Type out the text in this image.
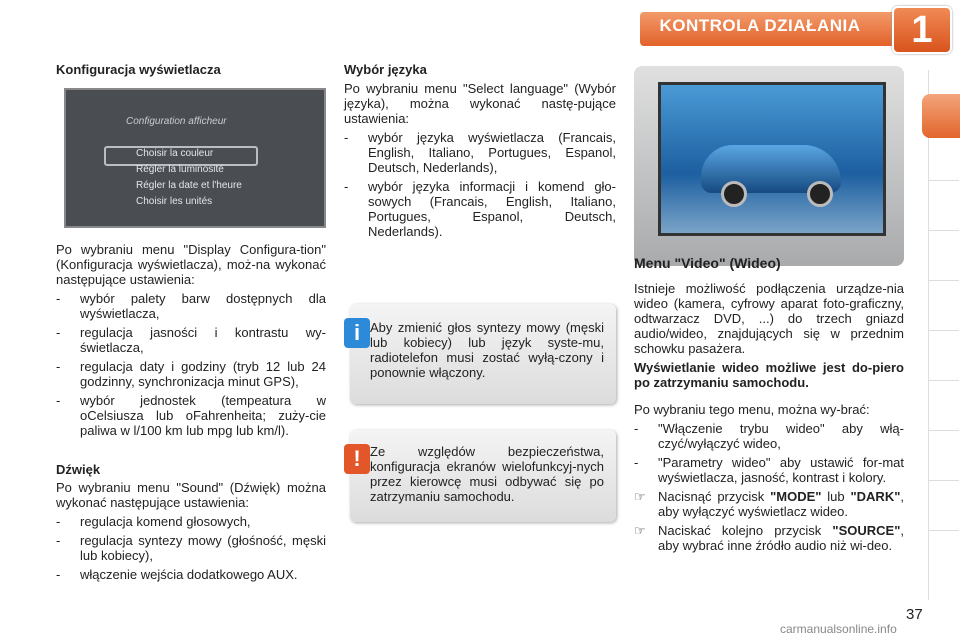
KONTROLA DZIAŁANIA	1
Konfiguracja wyświetlacza
Configuration afficheur
Choisir la couleur
Régler la luminosité
Régler la date et l'heure
Choisir les unités

Po wybraniu menu "Display Configura-tion" (Konfiguracja wyświetlacza), moż-na wykonać następujące ustawienia:

- wybór palety barw dostępnych dla wyświetlacza,
- regulacja jasności i kontrastu wy-świetlacza,
- regulacja daty i godziny (tryb 12 lub 24 godzinny, synchronizacja minut GPS),
- wybór jednostek (tempeatura w oCelsiusza lub oFahrenheita; zuży-cie paliwa w l/100 km lub mpg lub km/l).
Dźwięk

Po wybraniu menu "Sound" (Dźwięk) można wykonać następujące ustawienia:

- regulacja komend głosowych,
- regulacja syntezy mowy (głośność, męski lub kobiecy),
- włączenie wejścia dodatkowego AUX.
Wybór języka

Po wybraniu menu "Select language" (Wybór języka), można wykonać nastę-pujące ustawienia:

- wybór języka wyświetlacza (Francais, English, Italiano, Portugues, Espanol, Deutsch, Nederlands),
- wybór języka informacji i komend gło-sowych (Francais, English, Italiano, Portugues, Espanol, Deutsch, Nederlands).
i Aby zmienić głos syntezy mowy (męski lub kobiecy) lub język syste-mu, radiotelefon musi zostać wyłą-czony i ponownie włączony.
! Ze względów bezpieczeństwa, konfiguracja ekranów wielofunkcyj-nych przez kierowcę musi odbywać się po zatrzymaniu samochodu.
Menu "Video" (Wideo)

Istnieje możliwość podłączenia urządze-nia wideo (kamera, cyfrowy aparat foto-graficzny, odtwarzacz DVD, ...) do trzech gniazd audio/wideo, znajdujących się w przednim schowku pasażera.

Wyświetlanie wideo możliwe jest do-piero po zatrzymaniu samochodu.

Po wybraniu tego menu, można wy-brać:

- "Włączenie trybu wideo" aby włą-czyć/wyłączyć wideo,
- "Parametry wideo" aby ustawić for-mat wyświetlacza, jasność, kontrast i kolory.
☞ Nacisnąć przycisk "MODE" lub "DARK", aby wyłączyć wyświetlacz wideo.
☞ Naciskać kolejno przycisk "SOURCE", aby wybrać inne źródło audio niż wi-deo.
37
carmanualsonline.info
